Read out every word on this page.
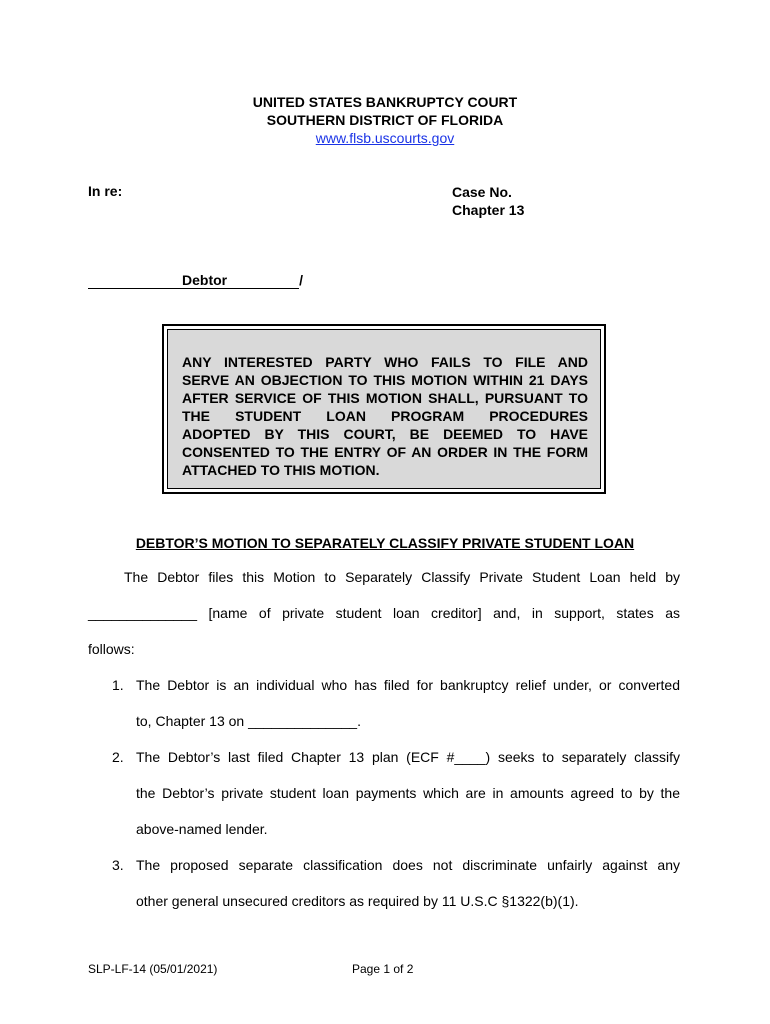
UNITED STATES BANKRUPTCY COURT
SOUTHERN DISTRICT OF FLORIDA
www.flsb.uscourts.gov
In re:	Case No.
Chapter 13
Debtor	/
ANY INTERESTED PARTY WHO FAILS TO FILE AND
SERVE AN OBJECTION TO THIS MOTION WITHIN 21 DAYS
AFTER SERVICE OF THIS MOTION SHALL, PURSUANT TO
THE STUDENT LOAN PROGRAM PROCEDURES
ADOPTED BY THIS COURT, BE DEEMED TO HAVE
CONSENTED TO THE ENTRY OF AN ORDER IN THE FORM
ATTACHED TO THIS MOTION.
DEBTOR’S MOTION TO SEPARATELY CLASSIFY PRIVATE STUDENT LOAN
The Debtor files this Motion to Separately Classify Private Student Loan held by
______________ [name of private student loan creditor] and, in support, states as
follows:
1. The Debtor is an individual who has filed for bankruptcy relief under, or converted
to, Chapter 13 on ______________.
2. The Debtor’s last filed Chapter 13 plan (ECF #____) seeks to separately classify
the Debtor’s private student loan payments which are in amounts agreed to by the
above-named lender.
3. The proposed separate classification does not discriminate unfairly against any
other general unsecured creditors as required by 11 U.S.C §1322(b)(1).
SLP-LF-14 (05/01/2021)	Page 1 of 2
